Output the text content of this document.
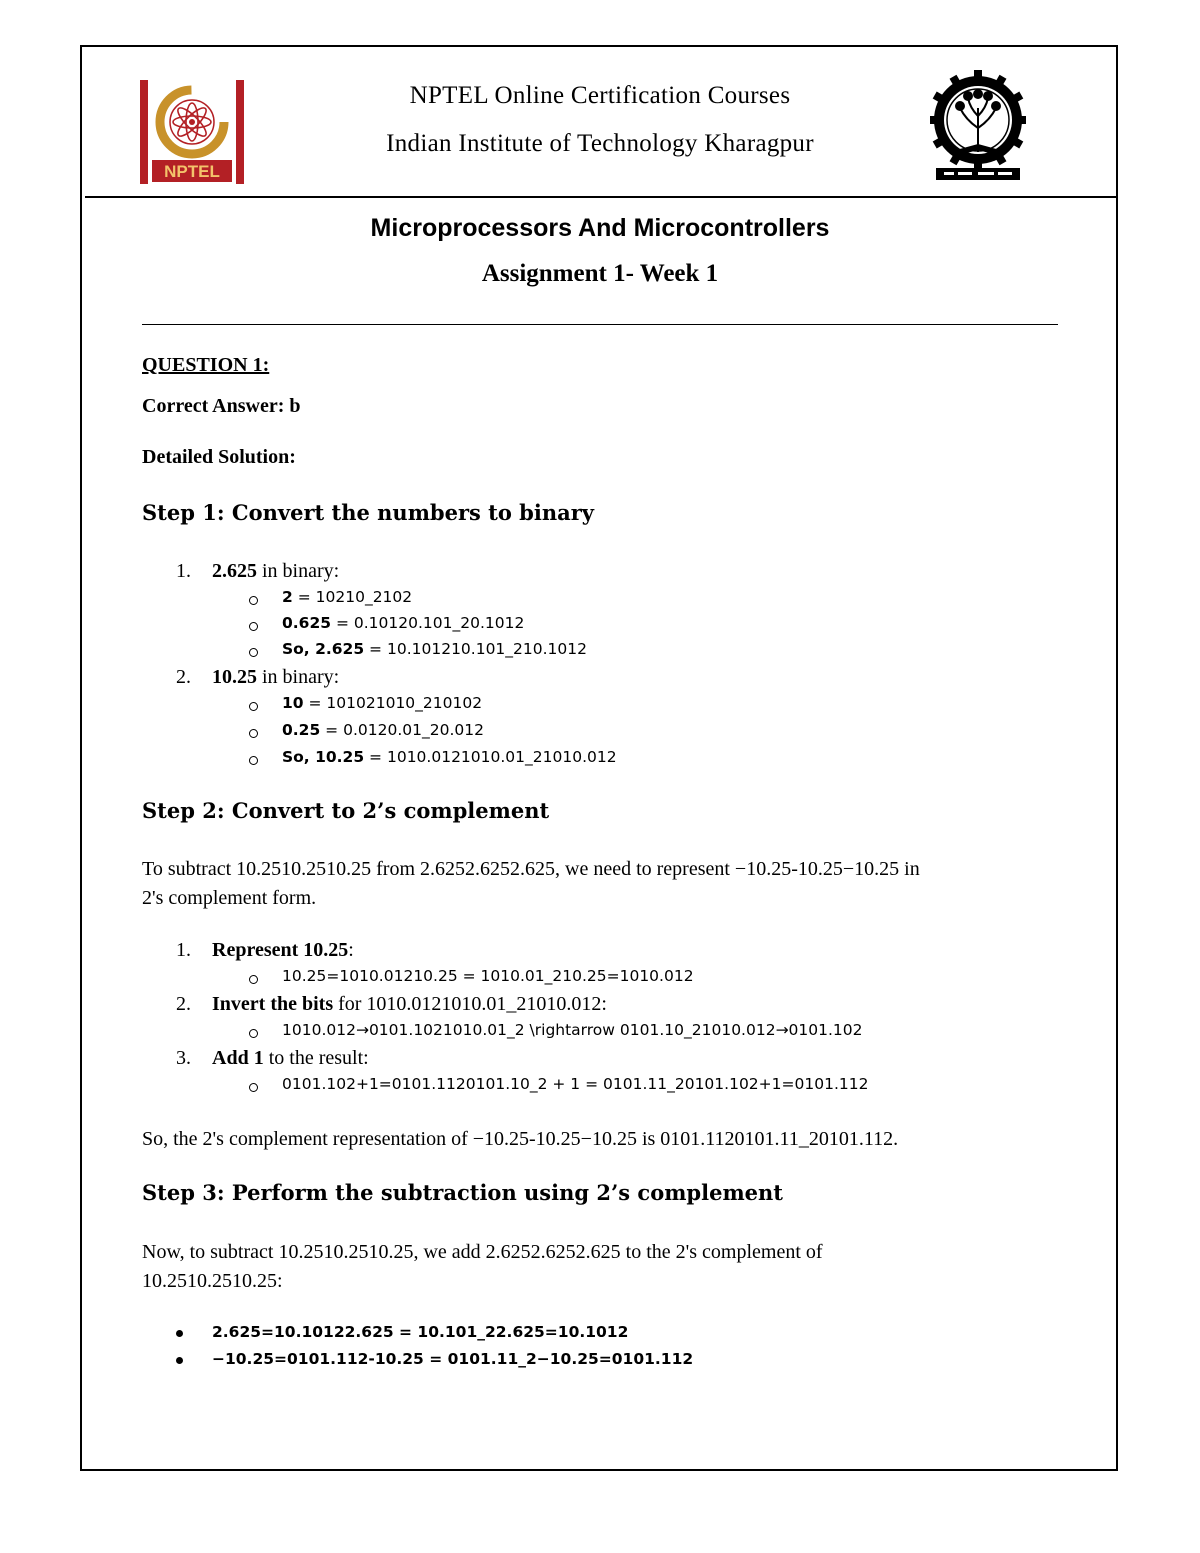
NPTEL
NPTEL Online Certification Courses
Indian Institute of Technology Kharagpur
Microprocessors And Microcontrollers
Assignment 1- Week 1
QUESTION 1:
Correct Answer: b
Detailed Solution:
Step 1: Convert the numbers to binary
1. 2.625 in binary:
2 = 10210_2102
0.625 = 0.10120.101_20.1012
So, 2.625 = 10.101210.101_210.1012
2. 10.25 in binary:
10 = 101021010_210102
0.25 = 0.0120.01_20.012
So, 10.25 = 1010.0121010.01_21010.012
Step 2: Convert to 2’s complement
To subtract 10.2510.2510.25 from 2.6252.6252.625, we need to represent −10.25-10.25−10.25 in
2's complement form.
1. Represent 10.25:
10.25=1010.01210.25 = 1010.01_210.25=1010.012
2. Invert the bits for 1010.0121010.01_21010.012:
1010.012→0101.1021010.01_2 \rightarrow 0101.10_21010.012→0101.102
3. Add 1 to the result:
0101.102+1=0101.1120101.10_2 + 1 = 0101.11_20101.102+1=0101.112
So, the 2's complement representation of −10.25-10.25−10.25 is 0101.1120101.11_20101.112.
Step 3: Perform the subtraction using 2’s complement
Now, to subtract 10.2510.2510.25, we add 2.6252.6252.625 to the 2's complement of
10.2510.2510.25:
2.625=10.10122.625 = 10.101_22.625=10.1012
−10.25=0101.112-10.25 = 0101.11_2−10.25=0101.112
